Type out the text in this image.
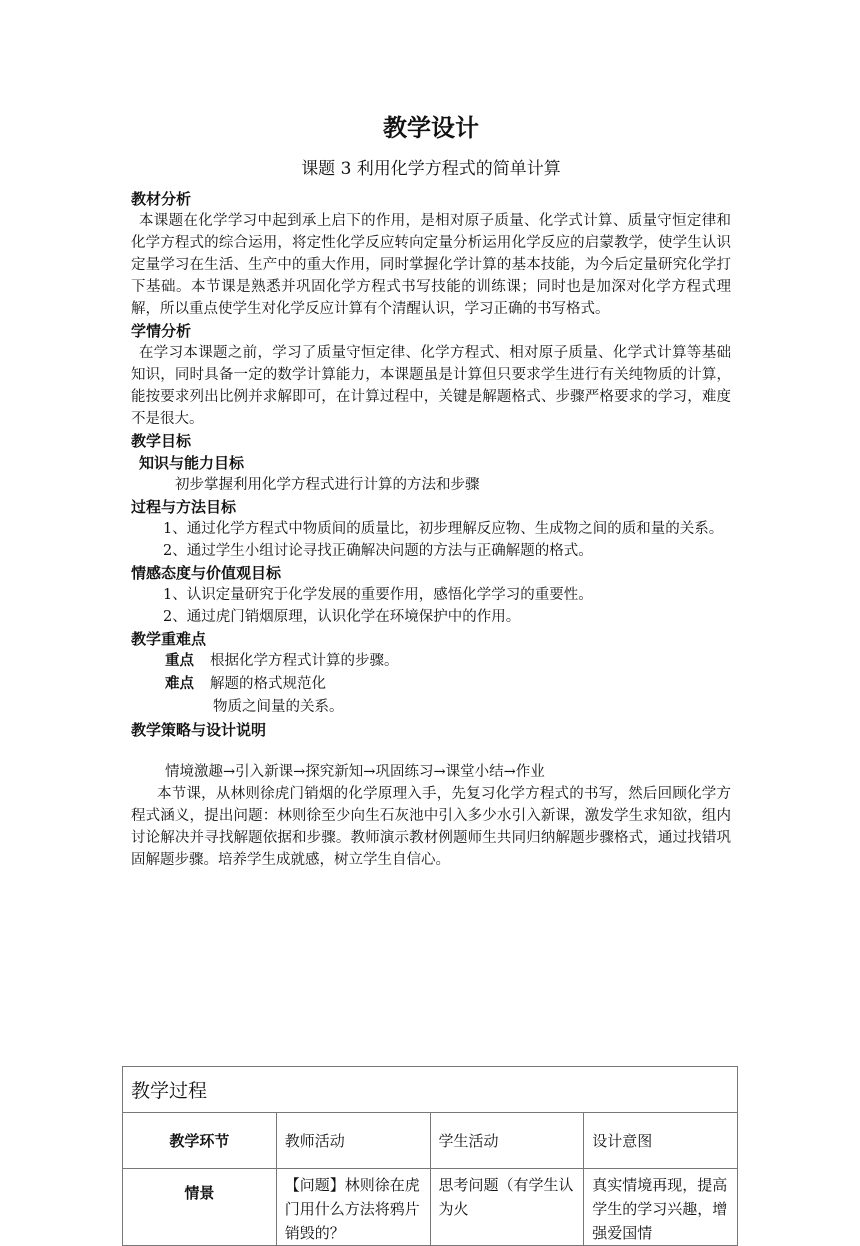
教学设计
课题 3 利用化学方程式的简单计算
教材分析
本课题在化学学习中起到承上启下的作用，是相对原子质量、化学式计算、质量守恒定律和化学方程式的综合运用，将定性化学反应转向定量分析运用化学反应的启蒙教学，使学生认识定量学习在生活、生产中的重大作用，同时掌握化学计算的基本技能，为今后定量研究化学打下基础。本节课是熟悉并巩固化学方程式书写技能的训练课；同时也是加深对化学方程式理解，所以重点使学生对化学反应计算有个清醒认识，学习正确的书写格式。
学情分析
在学习本课题之前，学习了质量守恒定律、化学方程式、相对原子质量、化学式计算等基础知识，同时具备一定的数学计算能力，本课题虽是计算但只要求学生进行有关纯物质的计算，能按要求列出比例并求解即可，在计算过程中，关键是解题格式、步骤严格要求的学习，难度不是很大。
教学目标
知识与能力目标
初步掌握利用化学方程式进行计算的方法和步骤
过程与方法目标
1、通过化学方程式中物质间的质量比，初步理解反应物、生成物之间的质和量的关系。
2、通过学生小组讨论寻找正确解决问题的方法与正确解题的格式。
情感态度与价值观目标
1、认识定量研究于化学发展的重要作用，感悟化学学习的重要性。
2、通过虎门销烟原理，认识化学在环境保护中的作用。
教学重难点
重点 根据化学方程式计算的步骤。
难点 解题的格式规范化
物质之间量的关系。
教学策略与设计说明
情境激趣→引入新课→探究新知→巩固练习→课堂小结→作业
本节课，从林则徐虎门销烟的化学原理入手，先复习化学方程式的书写，然后回顾化学方程式涵义，提出问题：林则徐至少向生石灰池中引入多少水引入新课，激发学生求知欲，组内讨论解决并寻找解题依据和步骤。教师演示教材例题师生共同归纳解题步骤格式，通过找错巩固解题步骤。培养学生成就感，树立学生自信心。
教学过程			
教学环节	教师活动	学生活动	设计意图
情景	【问题】林则徐在虎门用什么方法将鸦片销毁的？	思考问题（有学生认为火	真实情境再现，提高学生的学习兴趣，增强爱国情
